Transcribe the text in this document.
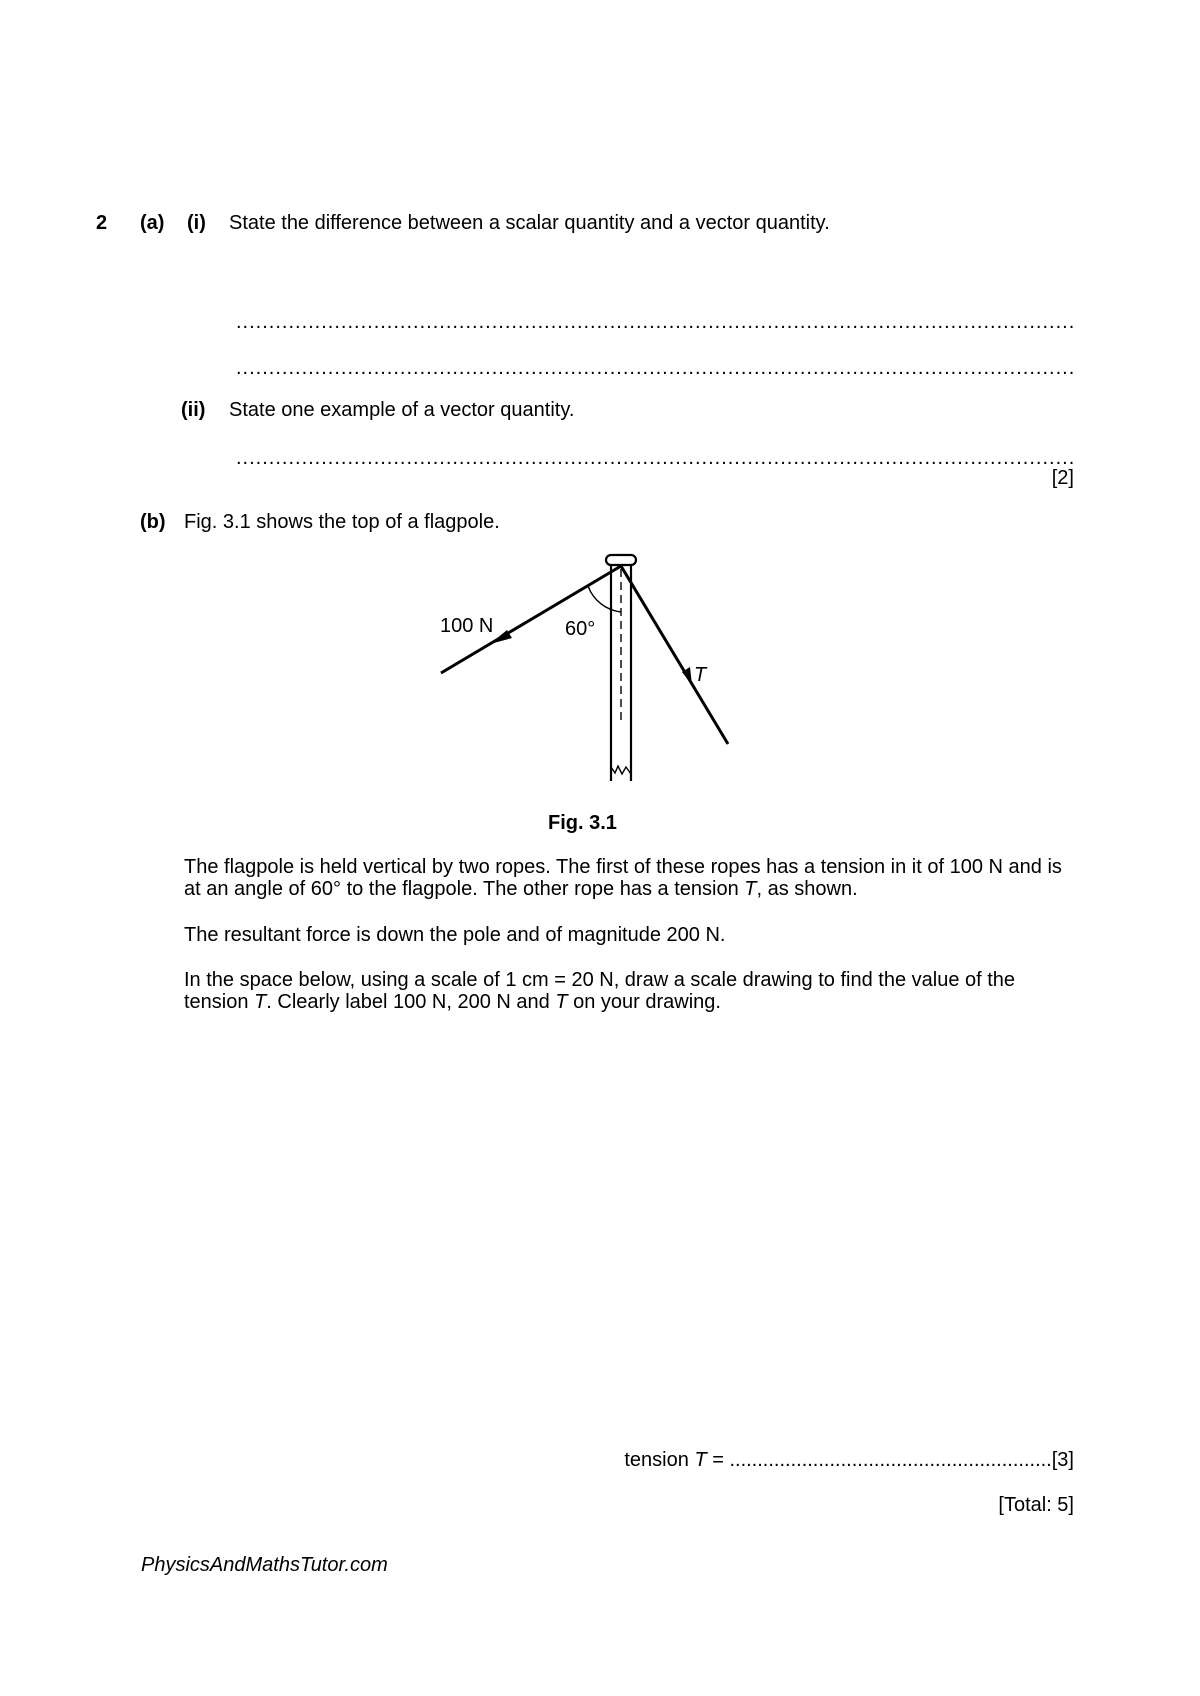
2 (a) (i) State the difference between a scalar quantity and a vector quantity.
.....
.....
(ii) State one example of a vector quantity.
.....
[2]
(b) Fig. 3.1 shows the top of a flagpole.
100 N	60°
T
Fig. 3.1
The flagpole is held vertical by two ropes. The first of these ropes has a tension in it of 100 N and is at an angle of 60° to the flagpole. The other rope has a tension T, as shown.
The resultant force is down the pole and of magnitude 200 N.
In the space below, using a scale of 1 cm = 20 N, draw a scale drawing to find the value of the tension T. Clearly label 100 N, 200 N and T on your drawing.
tension T = ..........................................................[3]
[Total: 5]
PhysicsAndMathsTutor.com
